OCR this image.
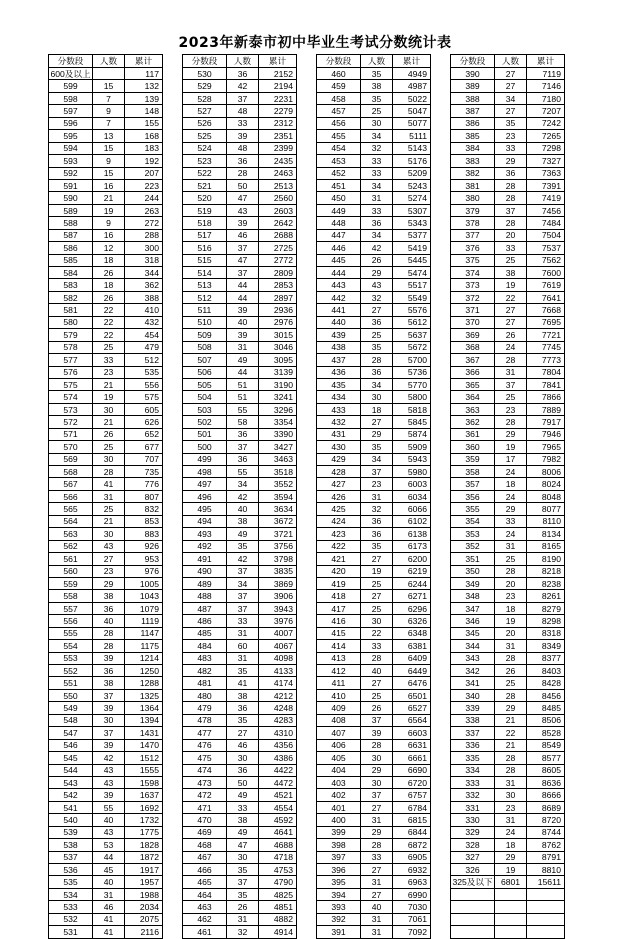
2023年新泰市初中毕业生考试分数统计表
分数段	人数	累计
600及以上		117
599	15	132
598	7	139
597	9	148
596	7	155
595	13	168
594	15	183
593	9	192
592	15	207
591	16	223
590	21	244
589	19	263
588	9	272
587	16	288
586	12	300
585	18	318
584	26	344
583	18	362
582	26	388
581	22	410
580	22	432
579	22	454
578	25	479
577	33	512
576	23	535
575	21	556
574	19	575
573	30	605
572	21	626
571	26	652
570	25	677
569	30	707
568	28	735
567	41	776
566	31	807
565	25	832
564	21	853
563	30	883
562	43	926
561	27	953
560	23	976
559	29	1005
558	38	1043
557	36	1079
556	40	1119
555	28	1147
554	28	1175
553	39	1214
552	36	1250
551	38	1288
550	37	1325
549	39	1364
548	30	1394
547	37	1431
546	39	1470
545	42	1512
544	43	1555
543	43	1598
542	39	1637
541	55	1692
540	40	1732
539	43	1775
538	53	1828
537	44	1872
536	45	1917
535	40	1957
534	31	1988
533	46	2034
532	41	2075
531	41	2116
分数段	人数	累计
530	36	2152
529	42	2194
528	37	2231
527	48	2279
526	33	2312
525	39	2351
524	48	2399
523	36	2435
522	28	2463
521	50	2513
520	47	2560
519	43	2603
518	39	2642
517	46	2688
516	37	2725
515	47	2772
514	37	2809
513	44	2853
512	44	2897
511	39	2936
510	40	2976
509	39	3015
508	31	3046
507	49	3095
506	44	3139
505	51	3190
504	51	3241
503	55	3296
502	58	3354
501	36	3390
500	37	3427
499	36	3463
498	55	3518
497	34	3552
496	42	3594
495	40	3634
494	38	3672
493	49	3721
492	35	3756
491	42	3798
490	37	3835
489	34	3869
488	37	3906
487	37	3943
486	33	3976
485	31	4007
484	60	4067
483	31	4098
482	35	4133
481	41	4174
480	38	4212
479	36	4248
478	35	4283
477	27	4310
476	46	4356
475	30	4386
474	36	4422
473	50	4472
472	49	4521
471	33	4554
470	38	4592
469	49	4641
468	47	4688
467	30	4718
466	35	4753
465	37	4790
464	35	4825
463	26	4851
462	31	4882
461	32	4914
分数段	人数	累计
460	35	4949
459	38	4987
458	35	5022
457	25	5047
456	30	5077
455	34	5111
454	32	5143
453	33	5176
452	33	5209
451	34	5243
450	31	5274
449	33	5307
448	36	5343
447	34	5377
446	42	5419
445	26	5445
444	29	5474
443	43	5517
442	32	5549
441	27	5576
440	36	5612
439	25	5637
438	35	5672
437	28	5700
436	36	5736
435	34	5770
434	30	5800
433	18	5818
432	27	5845
431	29	5874
430	35	5909
429	34	5943
428	37	5980
427	23	6003
426	31	6034
425	32	6066
424	36	6102
423	36	6138
422	35	6173
421	27	6200
420	19	6219
419	25	6244
418	27	6271
417	25	6296
416	30	6326
415	22	6348
414	33	6381
413	28	6409
412	40	6449
411	27	6476
410	25	6501
409	26	6527
408	37	6564
407	39	6603
406	28	6631
405	30	6661
404	29	6690
403	30	6720
402	37	6757
401	27	6784
400	31	6815
399	29	6844
398	28	6872
397	33	6905
396	27	6932
395	31	6963
394	27	6990
393	40	7030
392	31	7061
391	31	7092
分数段	人数	累计
390	27	7119
389	27	7146
388	34	7180
387	27	7207
386	35	7242
385	23	7265
384	33	7298
383	29	7327
382	36	7363
381	28	7391
380	28	7419
379	37	7456
378	28	7484
377	20	7504
376	33	7537
375	25	7562
374	38	7600
373	19	7619
372	22	7641
371	27	7668
370	27	7695
369	26	7721
368	24	7745
367	28	7773
366	31	7804
365	37	7841
364	25	7866
363	23	7889
362	28	7917
361	29	7946
360	19	7965
359	17	7982
358	24	8006
357	18	8024
356	24	8048
355	29	8077
354	33	8110
353	24	8134
352	31	8165
351	25	8190
350	28	8218
349	20	8238
348	23	8261
347	18	8279
346	19	8298
345	20	8318
344	31	8349
343	28	8377
342	26	8403
341	25	8428
340	28	8456
339	29	8485
338	21	8506
337	22	8528
336	21	8549
335	28	8577
334	28	8605
333	31	8636
332	30	8666
331	23	8689
330	31	8720
329	24	8744
328	18	8762
327	29	8791
326	19	8810
325及以下	6801	15611
